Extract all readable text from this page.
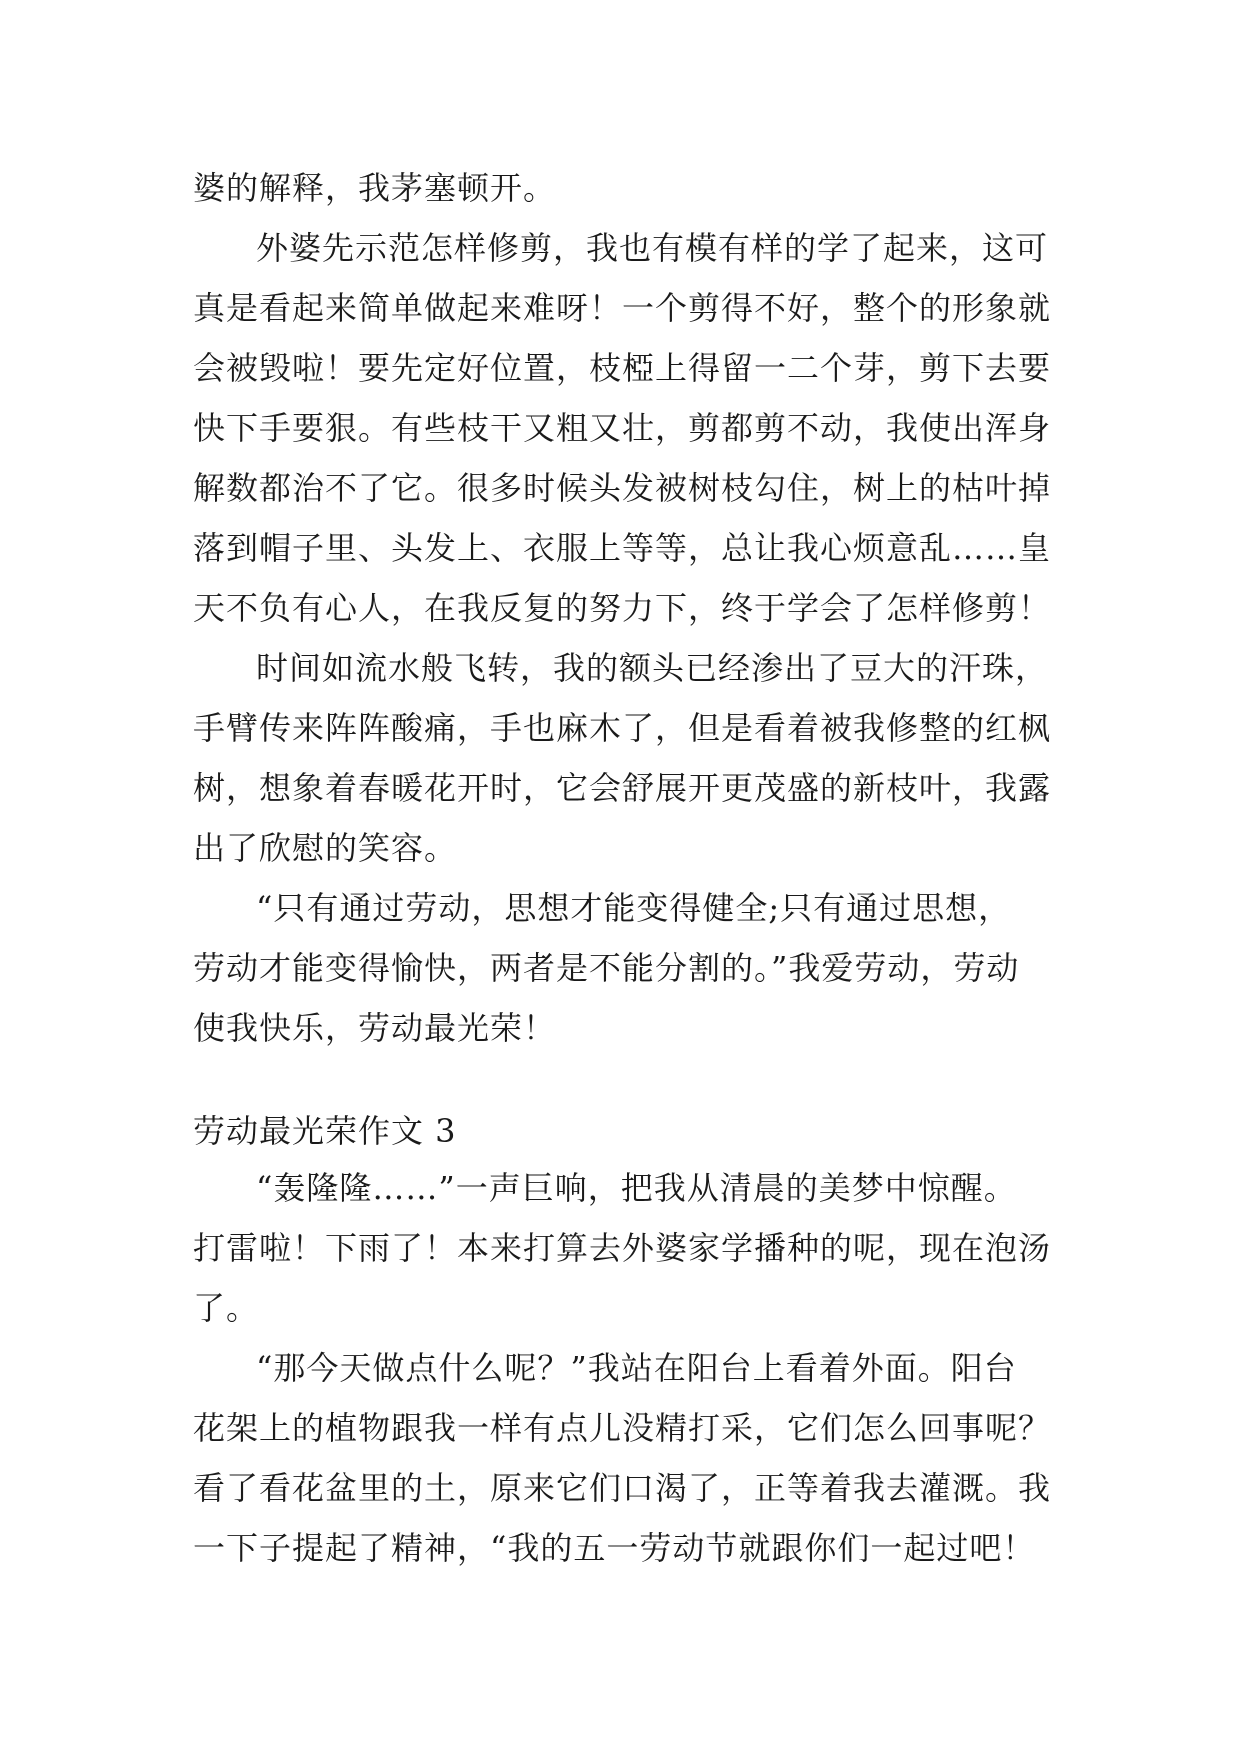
婆的解释，我茅塞顿开。
外婆先示范怎样修剪，我也有模有样的学了起来，这可
真是看起来简单做起来难呀！一个剪得不好，整个的形象就
会被毁啦！要先定好位置，枝椏上得留一二个芽，剪下去要
快下手要狠。有些枝干又粗又壮，剪都剪不动，我使出浑身
解数都治不了它。很多时候头发被树枝勾住，树上的枯叶掉
落到帽子里、头发上、衣服上等等，总让我心烦意乱……皇
天不负有心人，在我反复的努力下，终于学会了怎样修剪！
时间如流水般飞转，我的额头已经渗出了豆大的汗珠，
手臂传来阵阵酸痛，手也麻木了，但是看着被我修整的红枫
树，想象着春暖花开时，它会舒展开更茂盛的新枝叶，我露
出了欣慰的笑容。
“只有通过劳动，思想才能变得健全;只有通过思想，
劳动才能变得愉快，两者是不能分割的。”我爱劳动，劳动
使我快乐，劳动最光荣！
劳动最光荣作文 3
“轰隆隆……”一声巨响，把我从清晨的美梦中惊醒。
打雷啦！下雨了！本来打算去外婆家学播种的呢，现在泡汤
了。
“那今天做点什么呢？”我站在阳台上看着外面。阳台
花架上的植物跟我一样有点儿没精打采，它们怎么回事呢？
看了看花盆里的土，原来它们口渴了，正等着我去灌溉。我
一下子提起了精神，“我的五一劳动节就跟你们一起过吧！
